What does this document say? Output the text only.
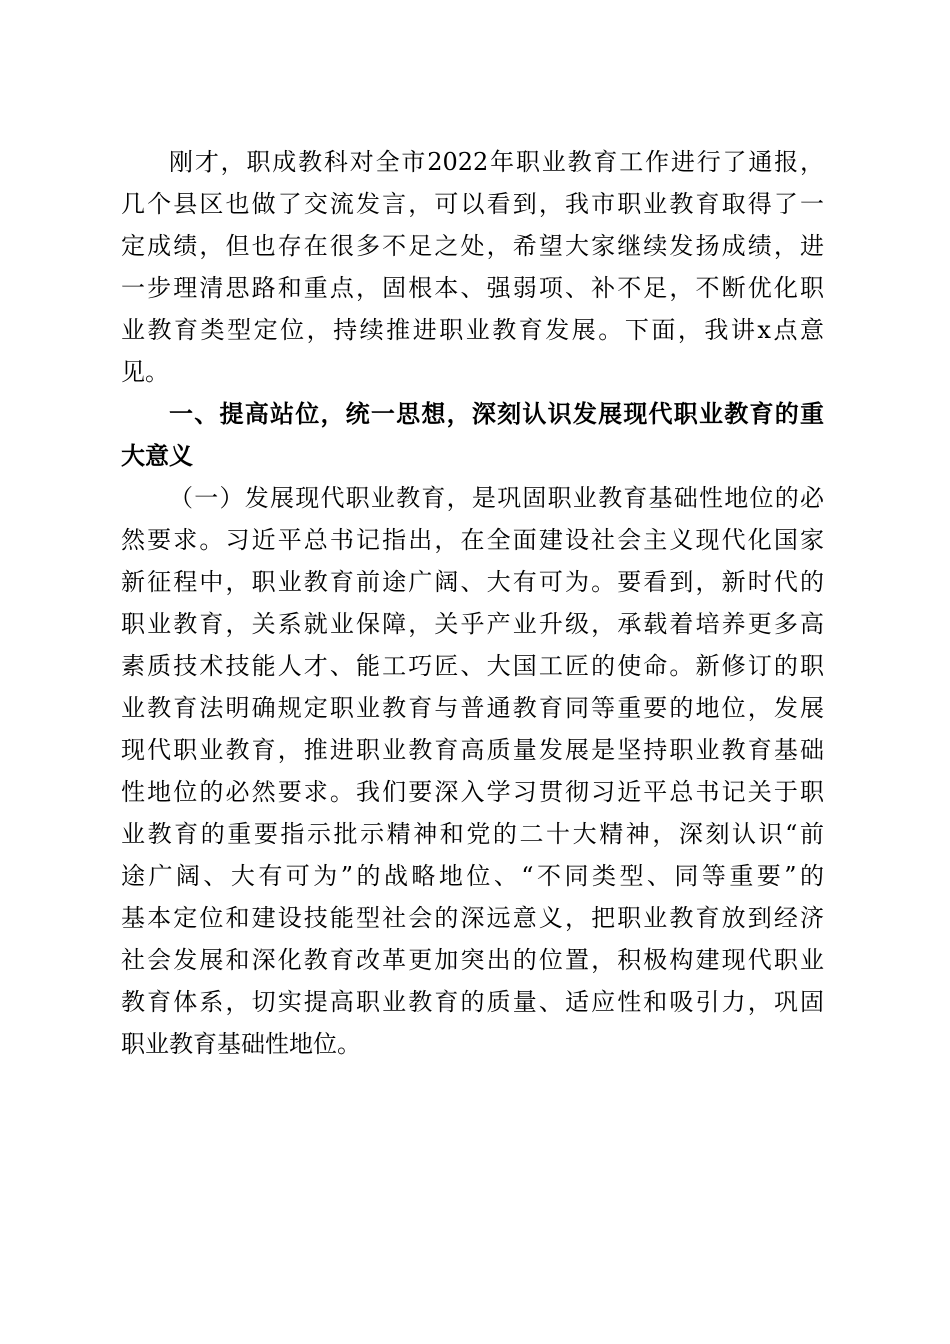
刚才，职成教科对全市2022年职业教育工作进行了通报，
几个县区也做了交流发言，可以看到，我市职业教育取得了一
定成绩，但也存在很多不足之处，希望大家继续发扬成绩，进
一步理清思路和重点，固根本、强弱项、补不足，不断优化职
业教育类型定位，持续推进职业教育发展。下面，我讲x点意
见。
一、提高站位，统一思想，深刻认识发展现代职业教育的重
大意义
（一）发展现代职业教育，是巩固职业教育基础性地位的必
然要求。习近平总书记指出，在全面建设社会主义现代化国家
新征程中，职业教育前途广阔、大有可为。要看到，新时代的
职业教育，关系就业保障，关乎产业升级，承载着培养更多高
素质技术技能人才、能工巧匠、大国工匠的使命。新修订的职
业教育法明确规定职业教育与普通教育同等重要的地位，发展
现代职业教育，推进职业教育高质量发展是坚持职业教育基础
性地位的必然要求。我们要深入学习贯彻习近平总书记关于职
业教育的重要指示批示精神和党的二十大精神，深刻认识“前
途广阔、大有可为”的战略地位、“不同类型、同等重要”的
基本定位和建设技能型社会的深远意义，把职业教育放到经济
社会发展和深化教育改革更加突出的位置，积极构建现代职业
教育体系，切实提高职业教育的质量、适应性和吸引力，巩固
职业教育基础性地位。
